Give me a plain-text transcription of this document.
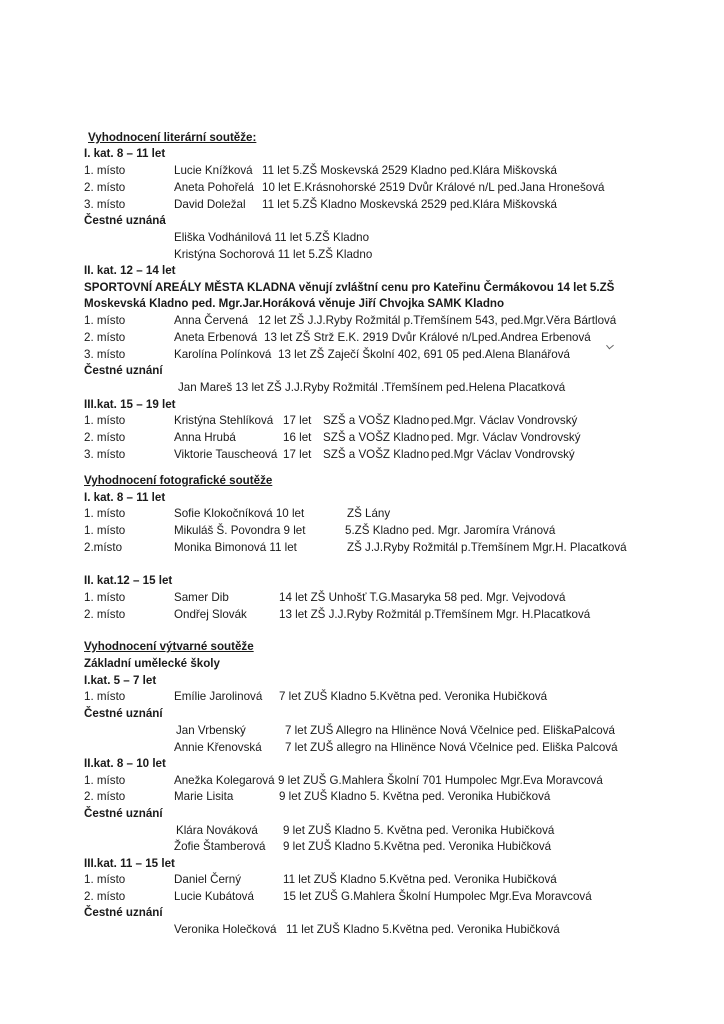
Vyhodnocení literární soutěže:
I. kat. 8 – 11 let
1. místo	Lucie Knížková 11 let 5.ZŠ Moskevská 2529 Kladno ped.Klára Miškovská
2. místo	Aneta Pohořelá 10 let E.Krásnohorské 2519 Dvůr Králové n/L ped.Jana Hronešová
3. místo	David Doležal 11 let 5.ZŠ Kladno Moskevská 2529 ped.Klára Miškovská
Čestné uznáná
Eliška Vodhánilová 11 let 5.ZŠ Kladno
Kristýna Sochorová 11 let 5.ZŠ Kladno
II. kat. 12 – 14 let
SPORTOVNÍ AREÁLY MĚSTA KLADNA věnují zvláštní cenu pro Kateřinu Čermákovou 14 let 5.ZŠ
Moskevská Kladno ped. Mgr.Jar.Horáková věnuje Jiří Chvojka SAMK Kladno
1. místo	Anna Červená 12 let ZŠ J.J.Ryby Rožmitál p.Třemšínem 543, ped.Mgr.Věra Bártlová
2. místo	Aneta Erbenová 13 let ZŠ Strž E.K. 2919 Dvůr Králové n/Lped.Andrea Erbenová
3. místo	Karolína Polínková 13 let ZŠ Zaječí Školní 402, 691 05 ped.Alena Blanářová
Čestné uznání
Jan Mareš 13 let ZŠ J.J.Ryby Rožmitál .Třemšínem ped.Helena Placatková
III.kat. 15 – 19 let
1. místo	Kristýna Stehlíková 17 let SZŠ a VOŠZ Kladno ped.Mgr. Václav Vondrovský
2. místo	Anna Hrubá	16 let SZŠ a VOŠZ Kladno ped. Mgr. Václav Vondrovský
3. místo	Viktorie Tauscheová 17 let SZŠ a VOŠZ Kladno ped.Mgr Václav Vondrovský
Vyhodnocení fotografické soutěže
I. kat. 8 – 11 let
1. místo	Sofie Klokočníková 10 let	ZŠ Lány
1. místo	Mikuláš Š. Povondra 9 let	5.ZŠ Kladno ped. Mgr. Jaromíra Vránová
2.místo	Monika Bimonová 11 let	ZŠ J.J.Ryby Rožmitál p.Třemšínem Mgr.H. Placatková
II. kat.12 – 15 let
1. místo	Samer Dib	14 let ZŠ Unhošť T.G.Masaryka 58 ped. Mgr. Vejvodová
2. místo	Ondřej Slovák	13 let ZŠ J.J.Ryby Rožmitál p.Třemšínem Mgr. H.Placatková
Vyhodnocení výtvarné soutěže
Základní umělecké školy
I.kat. 5 – 7 let
1. místo	Emílie Jarolinová 7 let ZUŠ Kladno 5.Května ped. Veronika Hubičková
Čestné uznání
Jan Vrbenský	7 let ZUŠ Allegro na Hlinënce Nová Včelnice ped. EliškaPalcová
Annie Křenovská 7 let ZUŠ allegro na Hlinënce Nová Včelnice ped. Eliška Palcová
II.kat. 8 – 10 let
1. místo	Anežka Kolegarová 9 let ZUŠ G.Mahlera Školní 701 Humpolec Mgr.Eva Moravcová
2. místo	Marie Lisita	9 let ZUŠ Kladno 5. Května ped. Veronika Hubičková
Čestné uznání
Klára Nováková 9 let ZUŠ Kladno 5. Května ped. Veronika Hubičková
Žofie Štamberová 9 let ZUŠ Kladno 5.Května ped. Veronika Hubičková
III.kat. 11 – 15 let
1. místo	Daniel Černý	11 let ZUŠ Kladno 5.Května ped. Veronika Hubičková
2. místo	Lucie Kubátová	15 let ZUŠ G.Mahlera Školní Humpolec Mgr.Eva Moravcová
Čestné uznání
Veronika Holečková 11 let ZUŠ Kladno 5.Května ped. Veronika Hubičková
